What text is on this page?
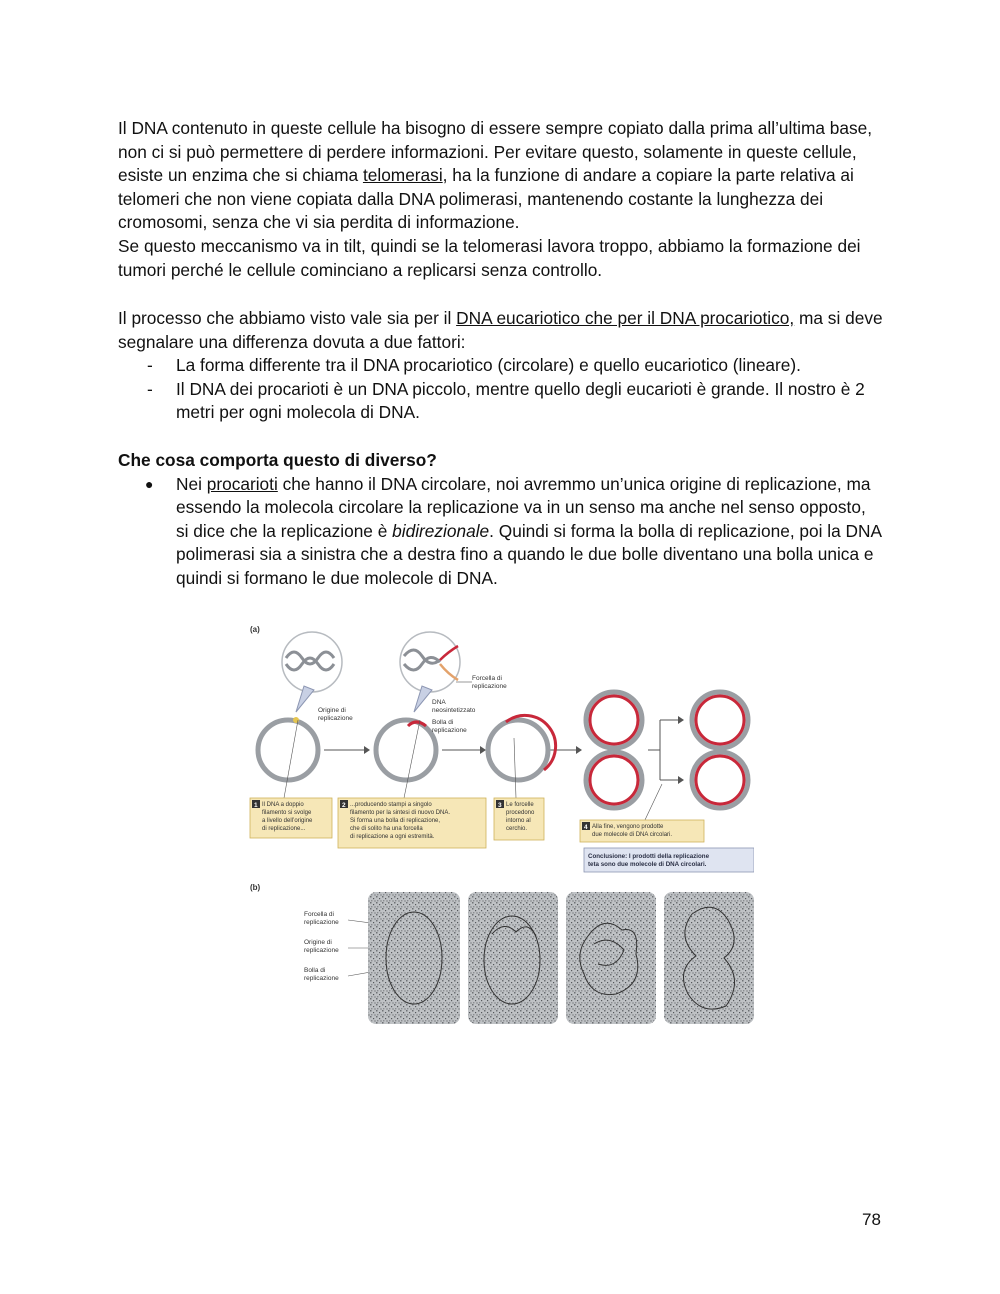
Il DNA contenuto in queste cellule ha bisogno di essere sempre copiato dalla prima all’ultima base, non ci si può permettere di perdere informazioni. Per evitare questo, solamente in queste cellule, esiste un enzima che si chiama telomerasi, ha la funzione di andare a copiare la parte relativa ai telomeri che non viene copiata dalla DNA polimerasi, mantenendo costante la lunghezza dei cromosomi, senza che vi sia perdita di informazione.

Se questo meccanismo va in tilt, quindi se la telomerasi lavora troppo, abbiamo la formazione dei tumori perché le cellule cominciano a replicarsi senza controllo.

Il processo che abbiamo visto vale sia per il DNA eucariotico che per il DNA procariotico, ma si deve segnalare una differenza dovuta a due fattori:

- La forma differente tra il DNA procariotico (circolare) e quello eucariotico (lineare).
- Il DNA dei procarioti è un DNA piccolo, mentre quello degli eucarioti è grande. Il nostro è 2 metri per ogni molecola di DNA.

Che cosa comporta questo di diverso?

● Nei procarioti che hanno il DNA circolare, noi avremmo un’unica origine di replicazione, ma essendo la molecola circolare la replicazione va in un senso ma anche nel senso opposto, si dice che la replicazione è bidirezionale. Quindi si forma la bolla di replicazione, poi la DNA polimerasi sia a sinistra che a destra fino a quando le due bolle diventano una bolla unica e quindi si formano le due molecole di DNA.
(a)
Origine di replicazione
Forcella di replicazione
DNA neosintetizzato
Bolla di replicazione
1 Il DNA a doppio filamento si svolge a livello dell’origine di replicazione...
2 ...producendo stampi a singolo filamento per la sintesi di nuovo DNA. Si forma una bolla di replicazione, che di solito ha una forcella di replicazione a ogni estremità.
3 Le forcelle procedono intorno al cerchio.	4 Alla fine, vengono prodotte due molecole di DNA circolari.
Conclusione: I prodotti della replicazione teta sono due molecole di DNA circolari.
(b)
Forcella di replicazione
Origine di replicazione
Bolla di replicazione
78
